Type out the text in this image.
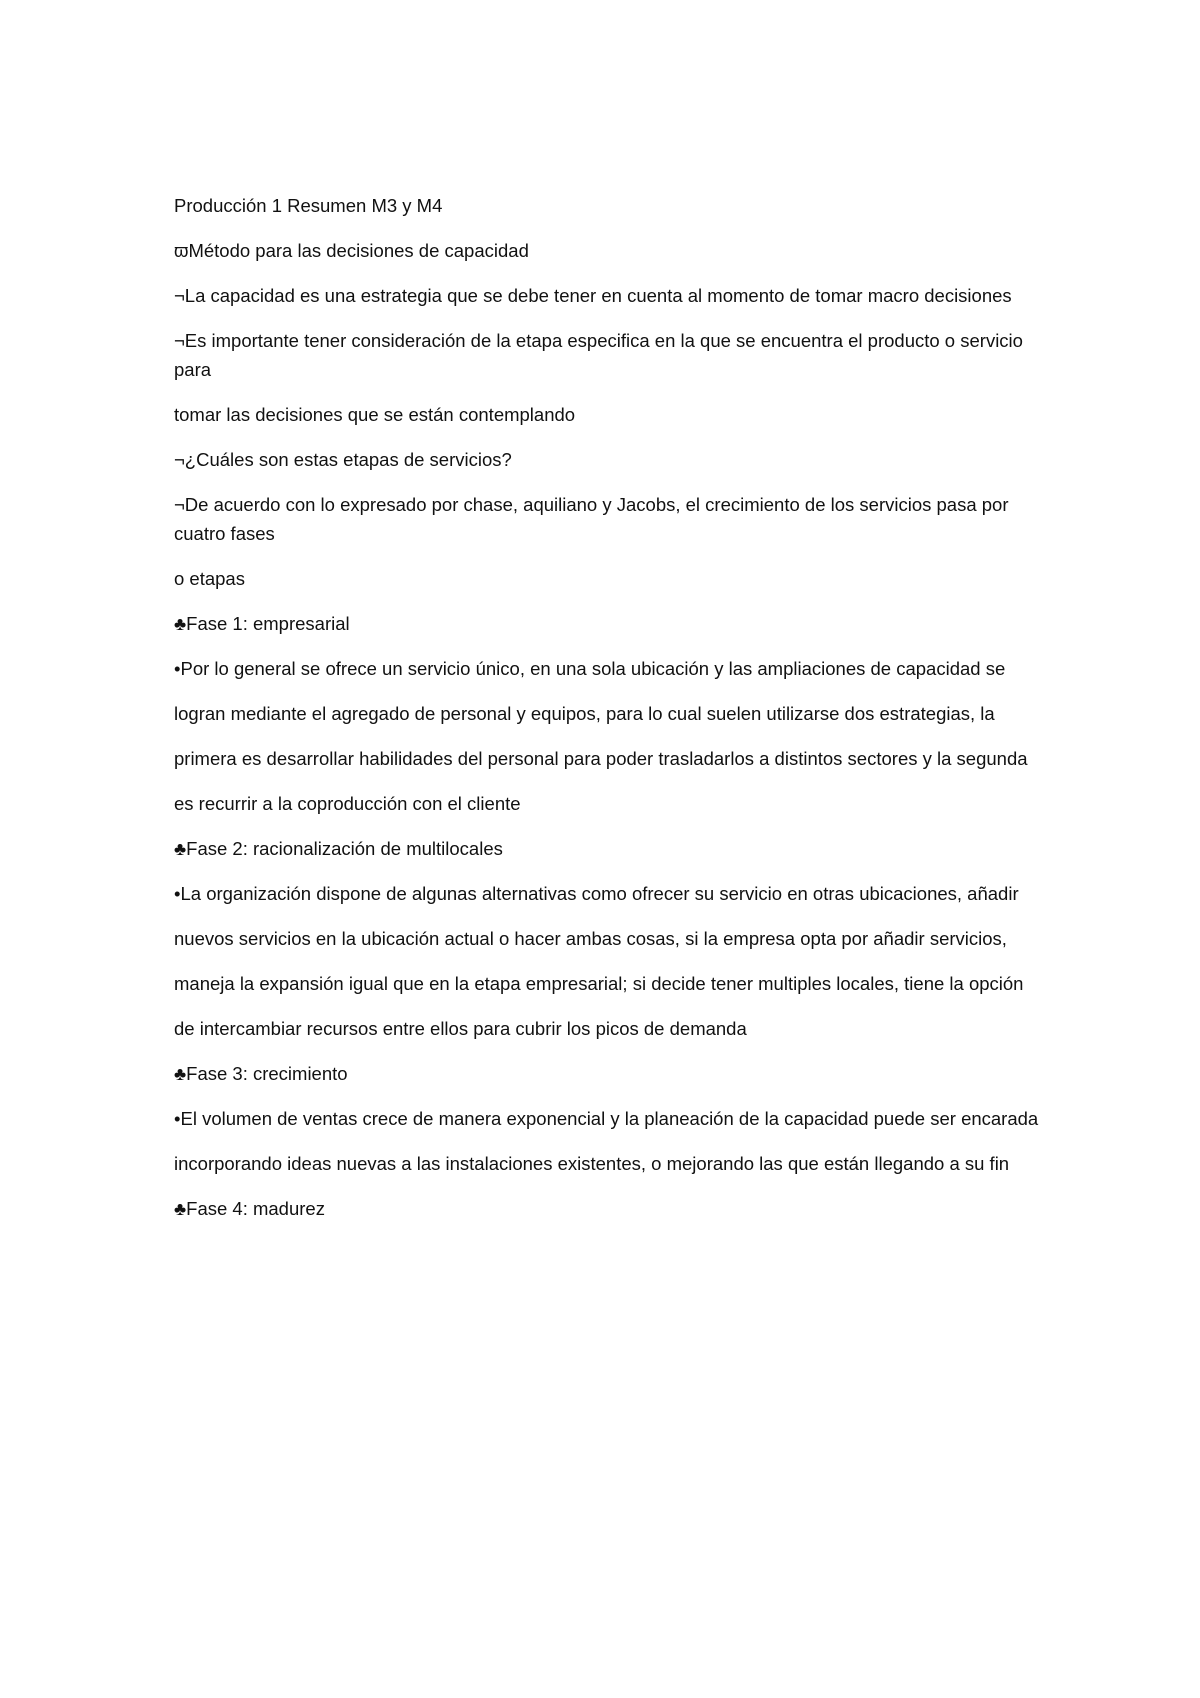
Producción 1 Resumen M3 y M4

ϖMétodo para las decisiones de capacidad

¬La capacidad es una estrategia que se debe tener en cuenta al momento de tomar macro decisiones

¬Es importante tener consideración de la etapa especifica en la que se encuentra el producto o servicio para

tomar las decisiones que se están contemplando

¬¿Cuáles son estas etapas de servicios?

¬De acuerdo con lo expresado por chase, aquiliano y Jacobs, el crecimiento de los servicios pasa por cuatro fases

o etapas

♣Fase 1: empresarial

•Por lo general se ofrece un servicio único, en una sola ubicación y las ampliaciones de capacidad se

logran mediante el agregado de personal y equipos, para lo cual suelen utilizarse dos estrategias, la

primera es desarrollar habilidades del personal para poder trasladarlos a distintos sectores y la segunda

es recurrir a la coproducción con el cliente

♣Fase 2: racionalización de multilocales

•La organización dispone de algunas alternativas como ofrecer su servicio en otras ubicaciones, añadir

nuevos servicios en la ubicación actual o hacer ambas cosas, si la empresa opta por añadir servicios,

maneja la expansión igual que en la etapa empresarial; si decide tener multiples locales, tiene la opción

de intercambiar recursos entre ellos para cubrir los picos de demanda

♣Fase 3: crecimiento

•El volumen de ventas crece de manera exponencial y la planeación de la capacidad puede ser encarada

incorporando ideas nuevas a las instalaciones existentes, o mejorando las que están llegando a su fin

♣Fase 4: madurez
